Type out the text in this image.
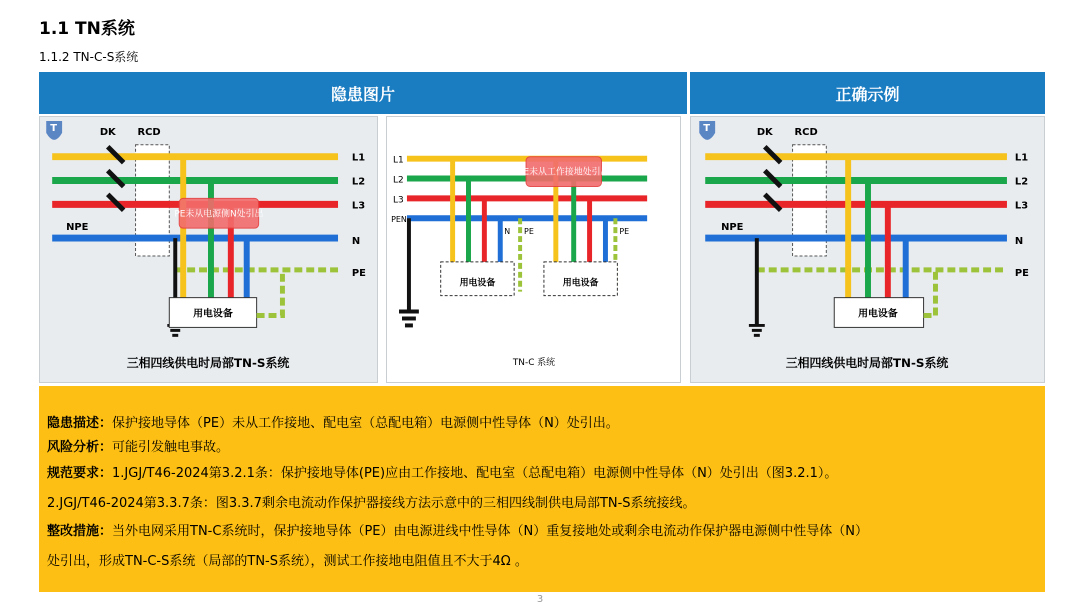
1.1 TN系统
1.1.2 TN-C-S系统
隐患图片	正确示例
T	DK RCD
L1
L2
L3
NPE
N
PE
用电设备
PE未从电源侧N处引出
三相四线供电时局部TN-S系统
L1
L2
L3
PEN
N PE
用电设备
PE
用电设备
PE未从工作接地处引出
TN-C 系统
T	DK RCD
L1
L2
L3
NPE
N
PE
用电设备
三相四线供电时局部TN-S系统
隐患描述：保护接地导体（PE）未从工作接地、配电室（总配电箱）电源侧中性导体（N）处引出。
风险分析：可能引发触电事故。
规范要求：1.JGJ/T46-2024第3.2.1条：保护接地导体(PE)应由工作接地、配电室（总配电箱）电源侧中性导体（N）处引出（图3.2.1）。
2.JGJ/T46-2024第3.3.7条：图3.3.7剩余电流动作保护器接线方法示意中的三相四线制供电局部TN-S系统接线。
整改措施：当外电网采用TN-C系统时，保护接地导体（PE）由电源进线中性导体（N）重复接地处或剩余电流动作保护器电源侧中性导体（N）
处引出，形成TN-C-S系统（局部的TN-S系统），测试工作接地电阻值且不大于4Ω 。
3
